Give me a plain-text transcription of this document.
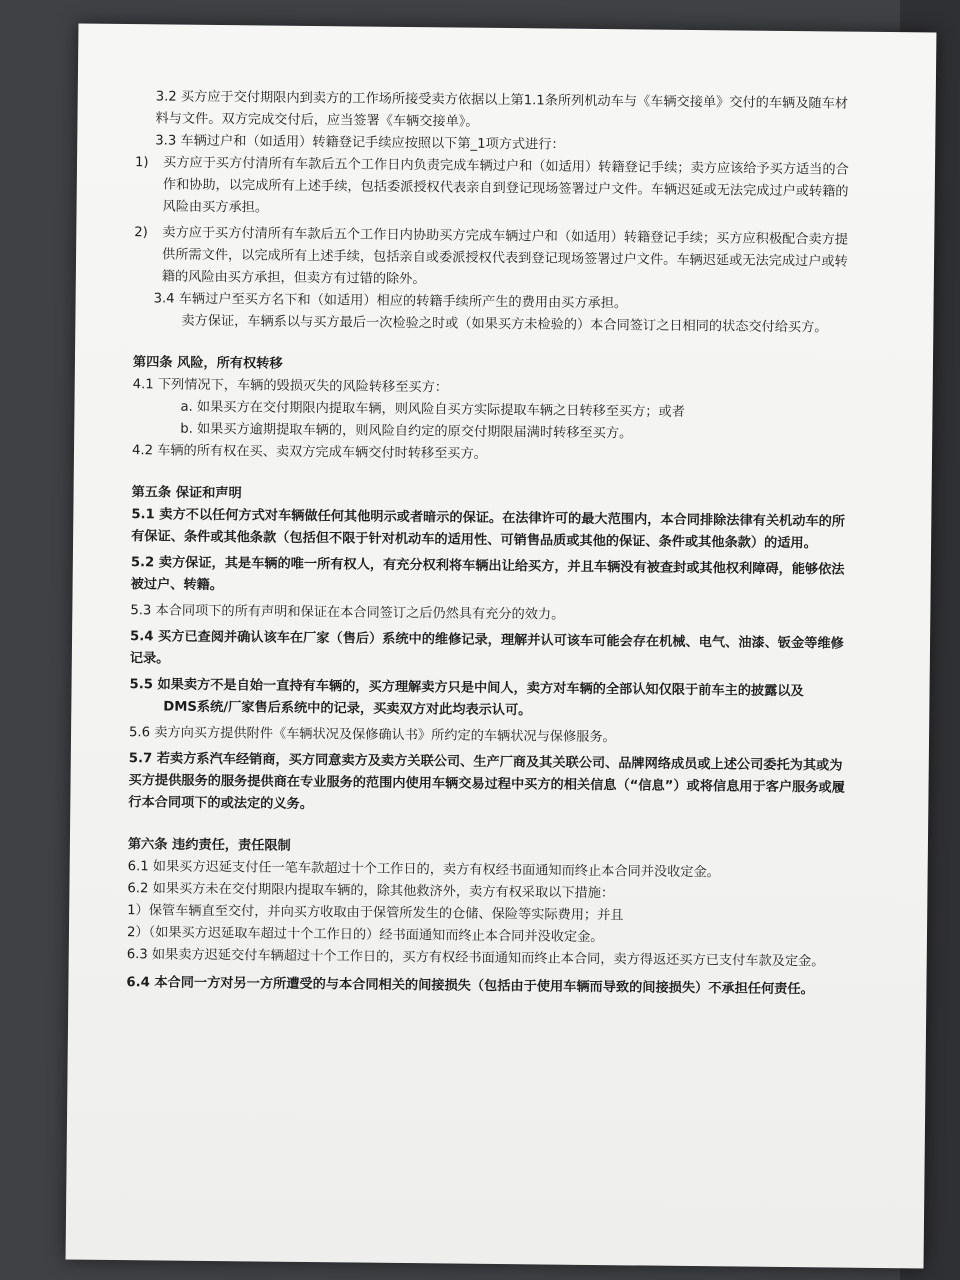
3.2 买方应于交付期限内到卖方的工作场所接受卖方依据以上第1.1条所列机动车与《车辆交接单》交付的车辆及随车材料与文件。双方完成交付后，应当签署《车辆交接单》。
3.3 车辆过户和（如适用）转籍登记手续应按照以下第_1项方式进行：
1)	买方应于买方付清所有车款后五个工作日内负责完成车辆过户和（如适用）转籍登记手续；卖方应该给予买方适当的合作和协助，以完成所有上述手续，包括委派授权代表亲自到登记现场签署过户文件。车辆迟延或无法完成过户或转籍的风险由买方承担。
2)	卖方应于买方付清所有车款后五个工作日内协助买方完成车辆过户和（如适用）转籍登记手续；买方应积极配合卖方提供所需文件，以完成所有上述手续，包括亲自或委派授权代表到登记现场签署过户文件。车辆迟延或无法完成过户或转籍的风险由买方承担，但卖方有过错的除外。
3.4 车辆过户至买方名下和（如适用）相应的转籍手续所产生的费用由买方承担。
卖方保证，车辆系以与买方最后一次检验之时或（如果买方未检验的）本合同签订之日相同的状态交付给买方。
第四条 风险，所有权转移
4.1 下列情况下，车辆的毁损灭失的风险转移至买方：
a. 如果买方在交付期限内提取车辆，则风险自买方实际提取车辆之日转移至买方；或者
b. 如果买方逾期提取车辆的，则风险自约定的原交付期限届满时转移至买方。
4.2 车辆的所有权在买、卖双方完成车辆交付时转移至买方。
第五条 保证和声明
5.1 卖方不以任何方式对车辆做任何其他明示或者暗示的保证。在法律许可的最大范围内，本合同排除法律有关机动车的所有保证、条件或其他条款（包括但不限于针对机动车的适用性、可销售品质或其他的保证、条件或其他条款）的适用。
5.2 卖方保证，其是车辆的唯一所有权人，有充分权利将车辆出让给买方，并且车辆没有被查封或其他权利障碍，能够依法被过户、转籍。
5.3 本合同项下的所有声明和保证在本合同签订之后仍然具有充分的效力。
5.4 买方已查阅并确认该车在厂家（售后）系统中的维修记录，理解并认可该车可能会存在机械、电气、油漆、钣金等维修记录。
5.5 如果卖方不是自始一直持有车辆的，买方理解卖方只是中间人，卖方对车辆的全部认知仅限于前车主的披露以及
DMS系统/厂家售后系统中的记录，买卖双方对此均表示认可。
5.6 卖方向买方提供附件《车辆状况及保修确认书》所约定的车辆状况与保修服务。
5.7 若卖方系汽车经销商，买方同意卖方及卖方关联公司、生产厂商及其关联公司、品牌网络成员或上述公司委托为其或为买方提供服务的服务提供商在专业服务的范围内使用车辆交易过程中买方的相关信息（“信息”）或将信息用于客户服务或履行本合同项下的或法定的义务。
第六条 违约责任，责任限制
6.1 如果买方迟延支付任一笔车款超过十个工作日的，卖方有权经书面通知而终止本合同并没收定金。
6.2 如果买方未在交付期限内提取车辆的，除其他救济外，卖方有权采取以下措施：
1）保管车辆直至交付，并向买方收取由于保管所发生的仓储、保险等实际费用；并且
2）（如果买方迟延取车超过十个工作日的）经书面通知而终止本合同并没收定金。
6.3 如果卖方迟延交付车辆超过十个工作日的，买方有权经书面通知而终止本合同，卖方得返还买方已支付车款及定金。
6.4 本合同一方对另一方所遭受的与本合同相关的间接损失（包括由于使用车辆而导致的间接损失）不承担任何责任。
